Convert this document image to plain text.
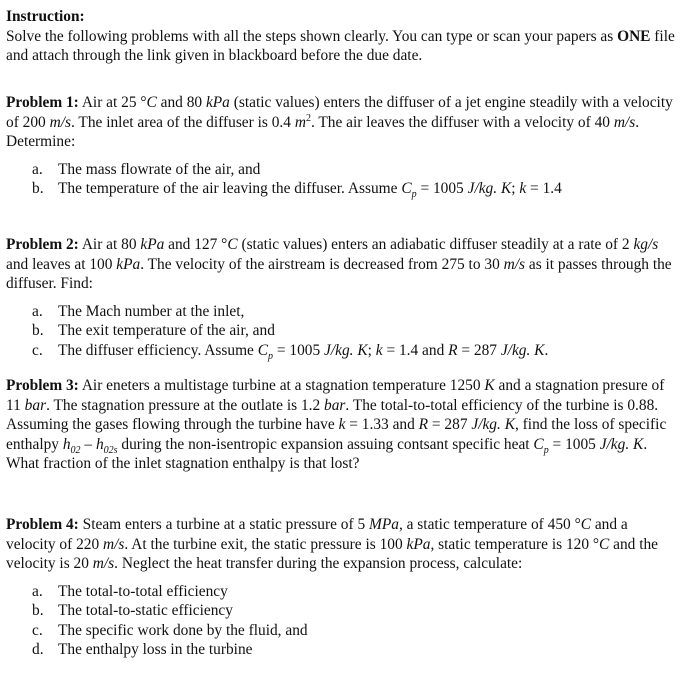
Instruction:

Solve the following problems with all the steps shown clearly. You can type or scan your papers as ONE file and attach through the link given in blackboard before the due date.

Problem 1: Air at 25 °C and 80 kPa (static values) enters the diffuser of a jet engine steadily with a velocity of 200 m/s. The inlet area of the diffuser is 0.4 $m^2$. The air leaves the diffuser with a velocity of 40 m/s. Determine:

a. The mass flowrate of the air, and
b. The temperature of the air leaving the diffuser. Assume $C_p = 1005$ J/kg. K; k = 1.4

Problem 2: Air at 80 kPa and 127 °C (static values) enters an adiabatic diffuser steadily at a rate of 2 kg/s and leaves at 100 kPa. The velocity of the airstream is decreased from 275 to 30 m/s as it passes through the diffuser. Find:

a. The Mach number at the inlet,
b. The exit temperature of the air, and
c. The diffuser efficiency. Assume $C_p = 1005$ J/kg. K; k = 1.4 and R = 287 J/kg. K.

Problem 3: Air eneters a multistage turbine at a stagnation temperature 1250 K and a stagnation presure of 11 bar. The stagnation pressure at the outlate is 1.2 bar. The total-to-total efficiency of the turbine is 0.88. Assuming the gases flowing through the turbine have k = 1.33 and R = 287 J/kg. K, find the loss of specific enthalpy $h_{02} - h_{02s}$ during the non-isentropic expansion assuing contsant specific heat $C_p = 1005$ J/kg. K. What fraction of the inlet stagnation enthalpy is that lost?

Problem 4: Steam enters a turbine at a static pressure of 5 MPa, a static temperature of 450 °C and a velocity of 220 m/s. At the turbine exit, the static pressure is 100 kPa, static temperature is 120 °C and the velocity is 20 m/s. Neglect the heat transfer during the expansion process, calculate:

a. The total-to-total efficiency
b. The total-to-static efficiency
c. The specific work done by the fluid, and
d. The enthalpy loss in the turbine
